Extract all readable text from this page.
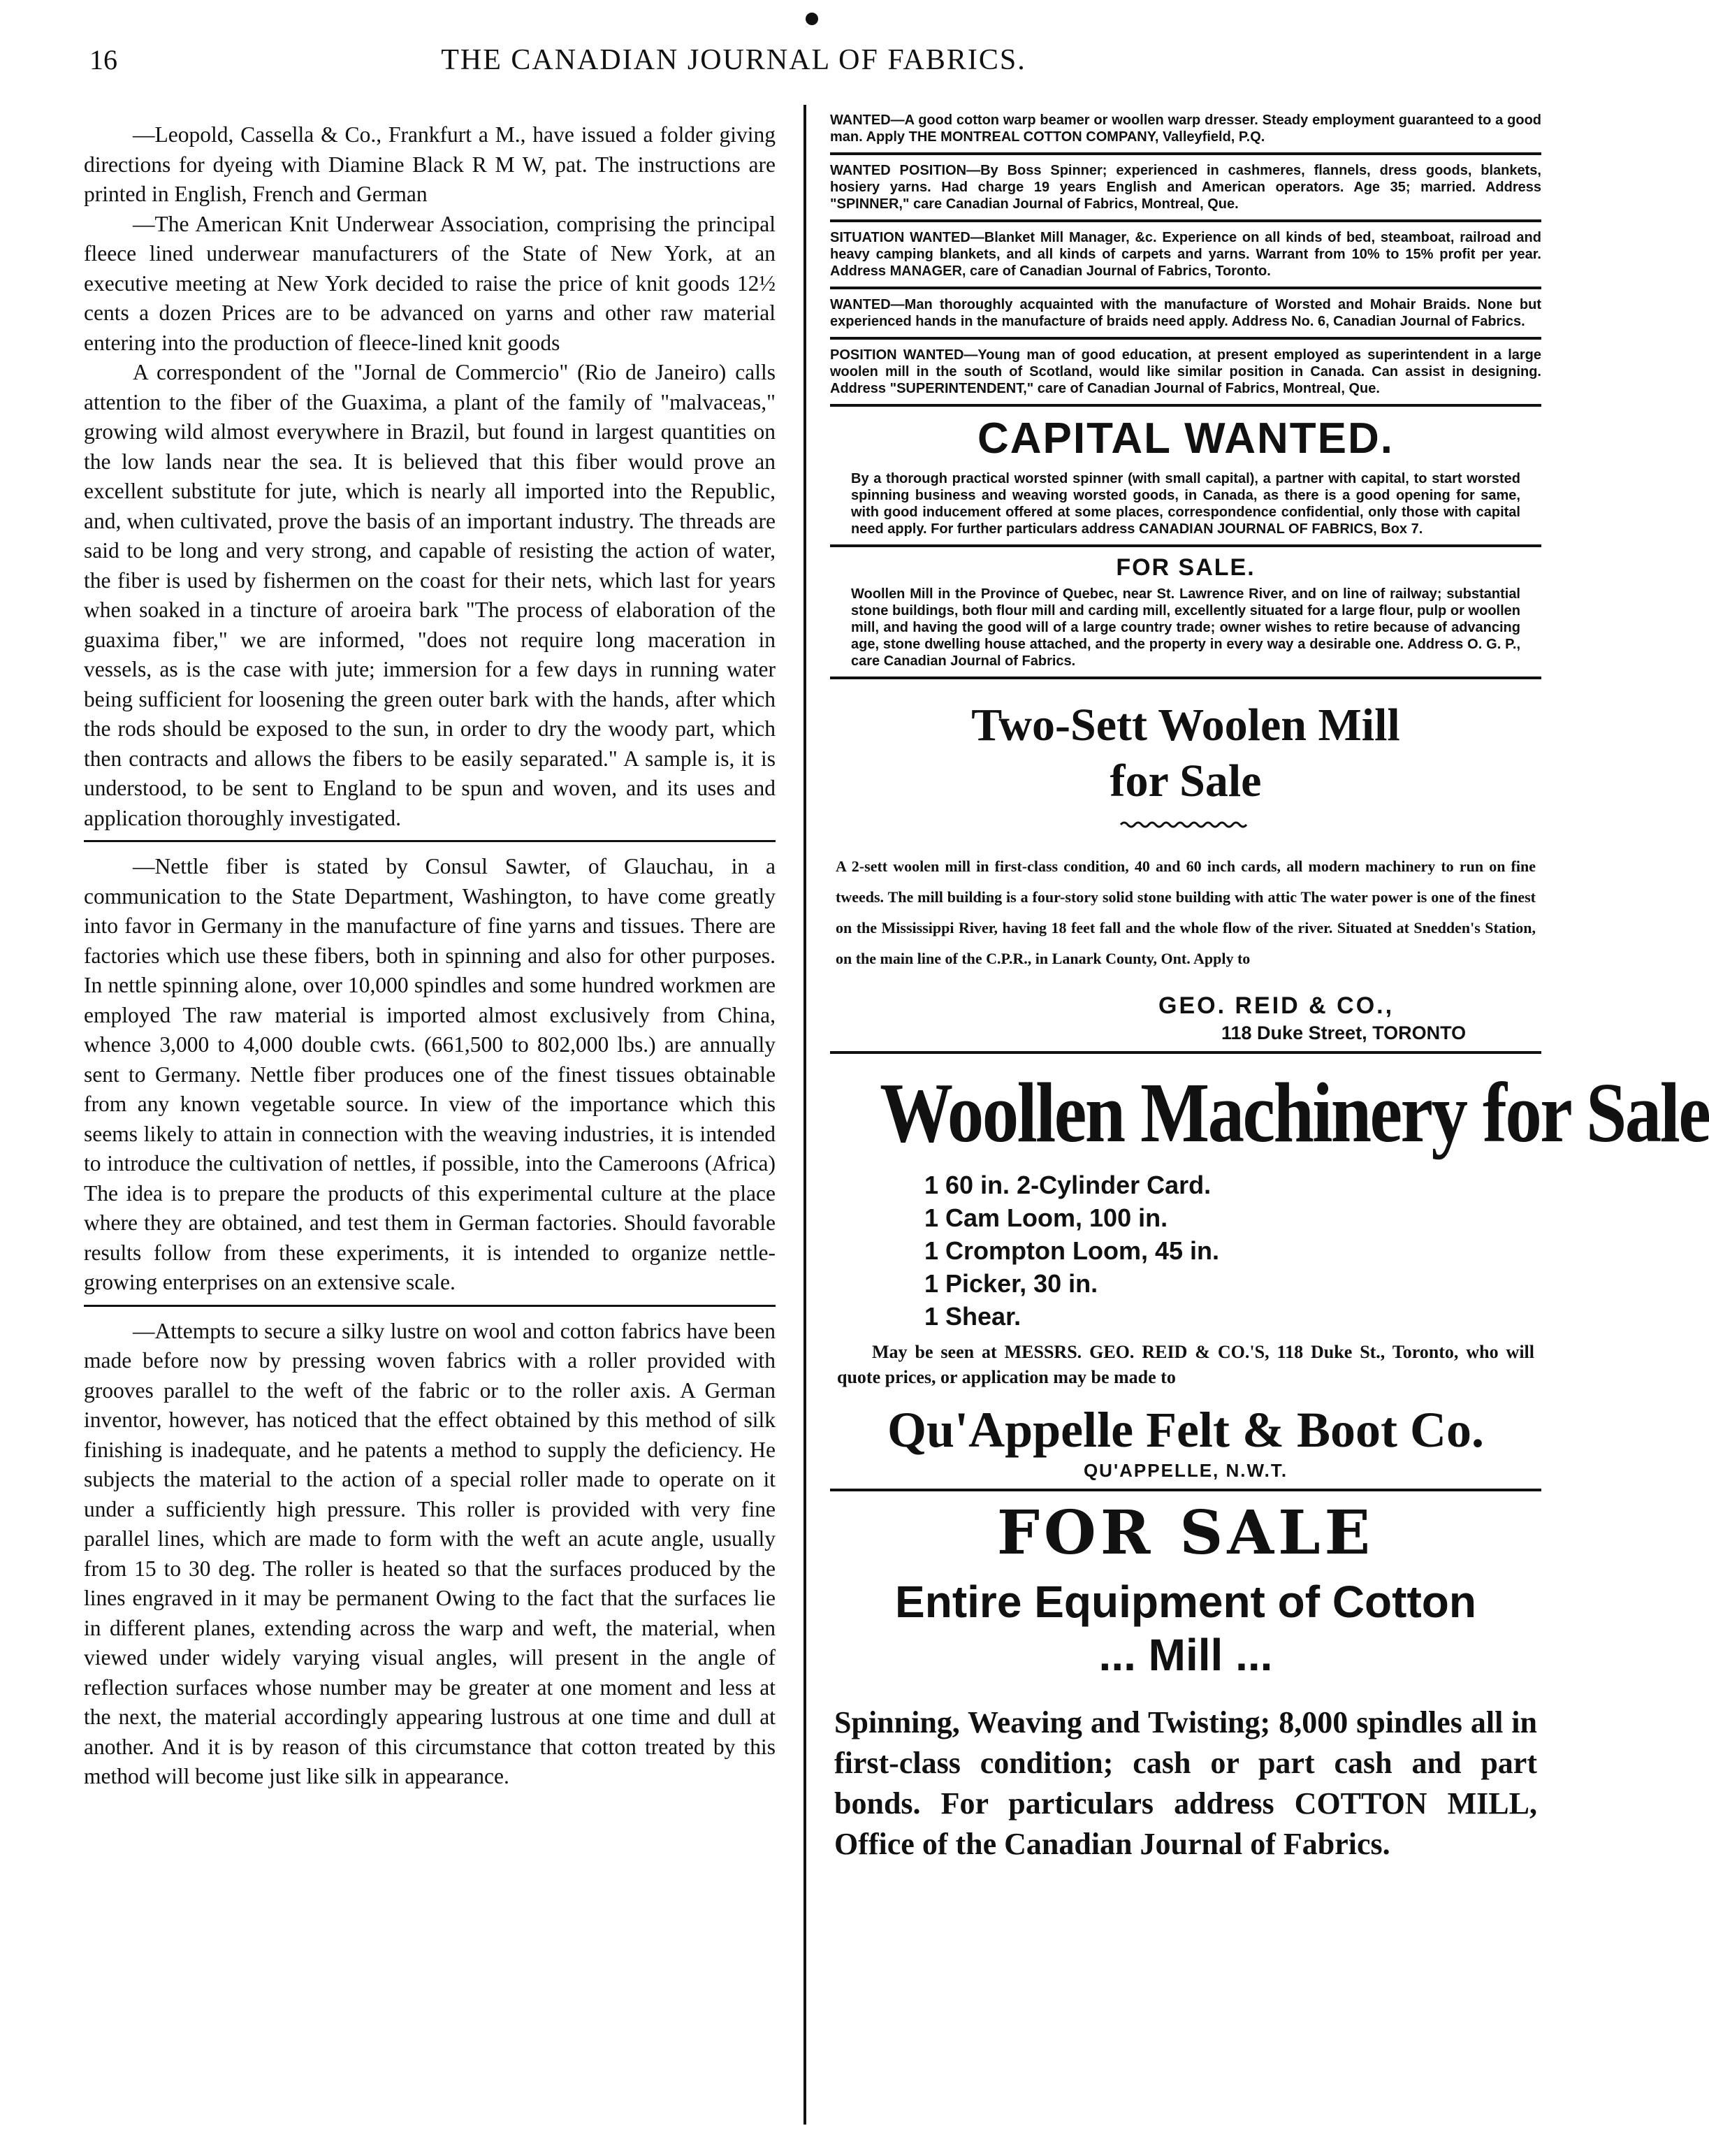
16	THE CANADIAN JOURNAL OF FABRICS.

—Leopold, Cassella & Co., Frankfurt a M., have issued a folder giving directions for dyeing with Diamine Black R M W, pat. The instructions are printed in English, French and German

—The American Knit Underwear Association, comprising the principal fleece lined underwear manufacturers of the State of New York, at an executive meeting at New York decided to raise the price of knit goods 12½ cents a dozen Prices are to be advanced on yarns and other raw material entering into the production of fleece-lined knit goods

A correspondent of the "Jornal de Commercio" (Rio de Janeiro) calls attention to the fiber of the Guaxima, a plant of the family of "malvaceas," growing wild almost everywhere in Brazil, but found in largest quantities on the low lands near the sea. It is believed that this fiber would prove an excellent substitute for jute, which is nearly all imported into the Republic, and, when cultivated, prove the basis of an important industry. The threads are said to be long and very strong, and capable of resisting the action of water, the fiber is used by fishermen on the coast for their nets, which last for years when soaked in a tincture of aroeira bark "The process of elaboration of the guaxima fiber," we are informed, "does not require long maceration in vessels, as is the case with jute; immersion for a few days in running water being sufficient for loosening the green outer bark with the hands, after which the rods should be exposed to the sun, in order to dry the woody part, which then contracts and allows the fibers to be easily separated." A sample is, it is understood, to be sent to England to be spun and woven, and its uses and application thoroughly investigated.

—Nettle fiber is stated by Consul Sawter, of Glauchau, in a communication to the State Department, Washington, to have come greatly into favor in Germany in the manufacture of fine yarns and tissues. There are factories which use these fibers, both in spinning and also for other purposes. In nettle spinning alone, over 10,000 spindles and some hundred workmen are employed The raw material is imported almost exclusively from China, whence 3,000 to 4,000 double cwts. (661,500 to 802,000 lbs.) are annually sent to Germany. Nettle fiber produces one of the finest tissues obtainable from any known vegetable source. In view of the importance which this seems likely to attain in connection with the weaving industries, it is intended to introduce the cultivation of nettles, if possible, into the Cameroons (Africa) The idea is to prepare the products of this experimental culture at the place where they are obtained, and test them in German factories. Should favorable results follow from these experiments, it is intended to organize nettle-growing enterprises on an extensive scale.

—Attempts to secure a silky lustre on wool and cotton fabrics have been made before now by pressing woven fabrics with a roller provided with grooves parallel to the weft of the fabric or to the roller axis. A German inventor, however, has noticed that the effect obtained by this method of silk finishing is inadequate, and he patents a method to supply the deficiency. He subjects the material to the action of a special roller made to operate on it under a sufficiently high pressure. This roller is provided with very fine parallel lines, which are made to form with the weft an acute angle, usually from 15 to 30 deg. The roller is heated so that the surfaces produced by the lines engraved in it may be permanent Owing to the fact that the surfaces lie in different planes, extending across the warp and weft, the material, when viewed under widely varying visual angles, will present in the angle of reflection surfaces whose number may be greater at one moment and less at the next, the material accordingly appearing lustrous at one time and dull at another. And it is by reason of this circumstance that cotton treated by this method will become just like silk in appearance.

WANTED—A good cotton warp beamer or woollen warp dresser. Steady employment guaranteed to a good man. Apply THE MONTREAL COTTON COMPANY, Valleyfield, P.Q.

WANTED POSITION—By Boss Spinner; experienced in cashmeres, flannels, dress goods, blankets, hosiery yarns. Had charge 19 years English and American operators. Age 35; married. Address "SPINNER," care Canadian Journal of Fabrics, Montreal, Que.

SITUATION WANTED—Blanket Mill Manager, &c. Experience on all kinds of bed, steamboat, railroad and heavy camping blankets, and all kinds of carpets and yarns. Warrant from 10% to 15% profit per year. Address MANAGER, care of Canadian Journal of Fabrics, Toronto.

WANTED—Man thoroughly acquainted with the manufacture of Worsted and Mohair Braids. None but experienced hands in the manufacture of braids need apply. Address No. 6, Canadian Journal of Fabrics.

POSITION WANTED—Young man of good education, at present employed as superintendent in a large woolen mill in the south of Scotland, would like similar position in Canada. Can assist in designing. Address "SUPERINTENDENT," care of Canadian Journal of Fabrics, Montreal, Que.

CAPITAL WANTED.

By a thorough practical worsted spinner (with small capital), a partner with capital, to start worsted spinning business and weaving worsted goods, in Canada, as there is a good opening for same, with good inducement offered at some places, correspondence confidential, only those with capital need apply. For further particulars address CANADIAN JOURNAL OF FABRICS, Box 7.

FOR SALE.

Woollen Mill in the Province of Quebec, near St. Lawrence River, and on line of railway; substantial stone buildings, both flour mill and carding mill, excellently situated for a large flour, pulp or woollen mill, and having the good will of a large country trade; owner wishes to retire because of advancing age, stone dwelling house attached, and the property in every way a desirable one. Address O. G. P., care Canadian Journal of Fabrics.

Two-Sett Woolen Mill
for Sale

A 2-sett woolen mill in first-class condition, 40 and 60 inch cards, all modern machinery to run on fine tweeds. The mill building is a four-story solid stone building with attic The water power is one of the finest on the Mississippi River, having 18 feet fall and the whole flow of the river. Situated at Snedden's Station, on the main line of the C.P.R., in Lanark County, Ont. Apply to

GEO. REID & CO.,
118 Duke Street, TORONTO
Woollen Machinery for Sale
1 60 in. 2-Cylinder Card.
1 Cam Loom, 100 in.
1 Crompton Loom, 45 in.
1 Picker, 30 in.
1 Shear.

May be seen at MESSRS. GEO. REID & CO.'S, 118 Duke St., Toronto, who will quote prices, or application may be made to

Qu'Appelle Felt & Boot Co.
QU'APPELLE, N.W.T.
FOR SALE
Entire Equipment of Cotton
... Mill ...

Spinning, Weaving and Twisting; 8,000 spindles all in first-class condition; cash or part cash and part bonds. For particulars address COTTON MILL, Office of the Canadian Journal of Fabrics.
